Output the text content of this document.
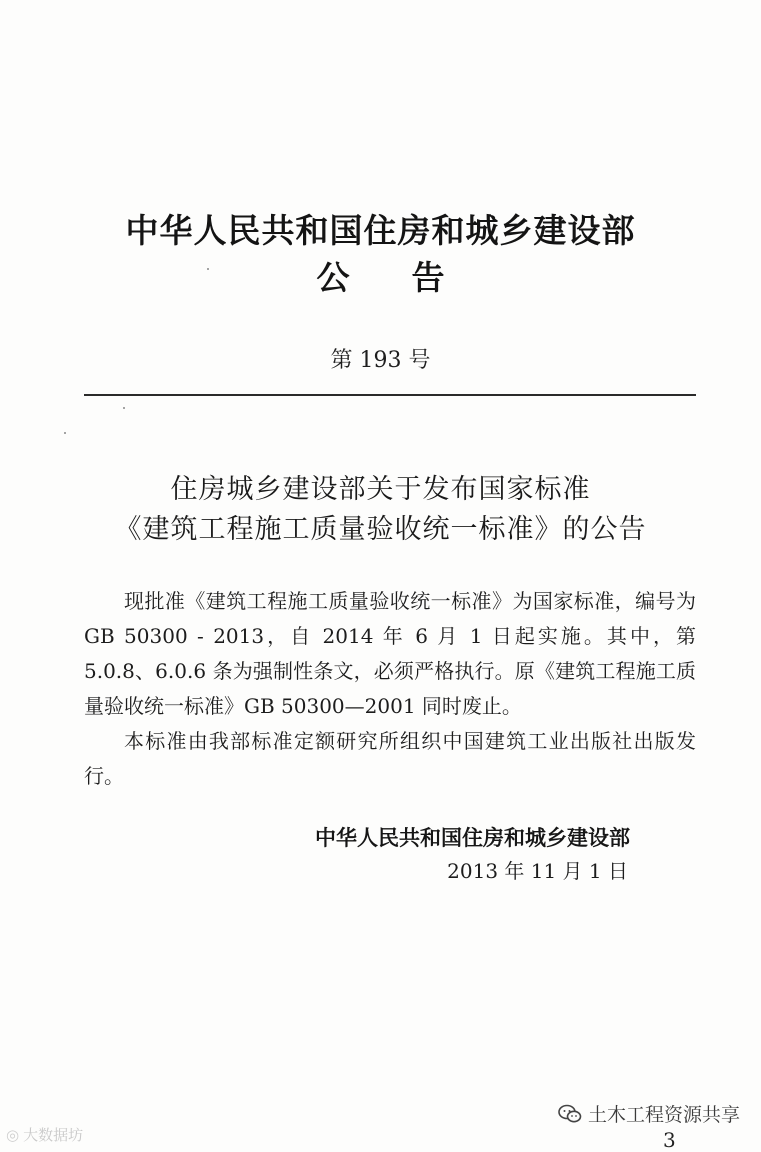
中华人民共和国住房和城乡建设部
公告
第 193 号
住房城乡建设部关于发布国家标准
《建筑工程施工质量验收统一标准》的公告

现批准《建筑工程施工质量验收统一标准》为国家标准，编号为 GB 50300 - 2013，自 2014 年 6 月 1 日起实施。其中，第 5.0.8、6.0.6 条为强制性条文，必须严格执行。原《建筑工程施工质量验收统一标准》GB 50300—2001 同时废止。

本标准由我部标准定额研究所组织中国建筑工业出版社出版发行。

中华人民共和国住房和城乡建设部
2013 年 11 月 1 日
◎ 大数据坊
土木工程资源共享
3
